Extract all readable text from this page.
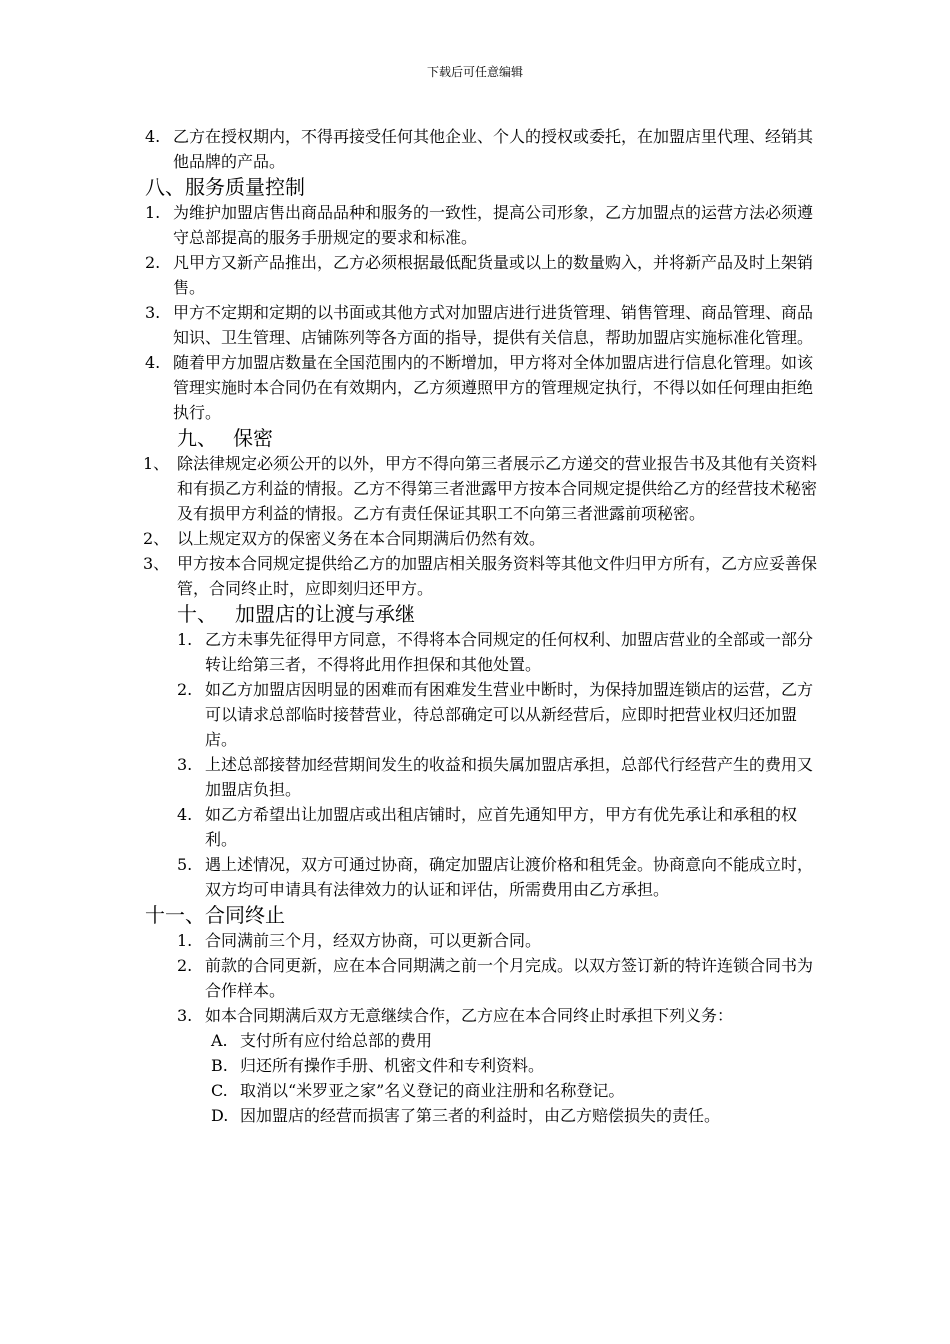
下载后可任意编辑
4. 乙方在授权期内，不得再接受任何其他企业、个人的授权或委托，在加盟店里代理、经销其他品牌的产品。
八、服务质量控制
1. 为维护加盟店售出商品品种和服务的一致性，提高公司形象，乙方加盟点的运营方法必须遵守总部提高的服务手册规定的要求和标准。
2. 凡甲方又新产品推出，乙方必须根据最低配货量或以上的数量购入，并将新产品及时上架销售。
3. 甲方不定期和定期的以书面或其他方式对加盟店进行进货管理、销售管理、商品管理、商品知识、卫生管理、店铺陈列等各方面的指导，提供有关信息，帮助加盟店实施标准化管理。
4. 随着甲方加盟店数量在全国范围内的不断增加，甲方将对全体加盟店进行信息化管理。如该管理实施时本合同仍在有效期内，乙方须遵照甲方的管理规定执行，不得以如任何理由拒绝执行。
九、 保密
1、 除法律规定必须公开的以外，甲方不得向第三者展示乙方递交的营业报告书及其他有关资料和有损乙方利益的情报。乙方不得第三者泄露甲方按本合同规定提供给乙方的经营技术秘密及有损甲方利益的情报。乙方有责任保证其职工不向第三者泄露前项秘密。
2、 以上规定双方的保密义务在本合同期满后仍然有效。
3、 甲方按本合同规定提供给乙方的加盟店相关服务资料等其他文件归甲方所有，乙方应妥善保管，合同终止时，应即刻归还甲方。
十、 加盟店的让渡与承继
1. 乙方未事先征得甲方同意，不得将本合同规定的任何权利、加盟店营业的全部或一部分转让给第三者，不得将此用作担保和其他处置。
2. 如乙方加盟店因明显的困难而有困难发生营业中断时，为保持加盟连锁店的运营，乙方可以请求总部临时接替营业，待总部确定可以从新经营后，应即时把营业权归还加盟店。
3. 上述总部接替加经营期间发生的收益和损失属加盟店承担，总部代行经营产生的费用又加盟店负担。
4. 如乙方希望出让加盟店或出租店铺时，应首先通知甲方，甲方有优先承让和承租的权利。
5. 遇上述情况，双方可通过协商，确定加盟店让渡价格和租凭金。协商意向不能成立时，双方均可申请具有法律效力的认证和评估，所需费用由乙方承担。
十一、合同终止
1. 合同满前三个月，经双方协商，可以更新合同。
2. 前款的合同更新，应在本合同期满之前一个月完成。以双方签订新的特许连锁合同书为合作样本。
3. 如本合同期满后双方无意继续合作，乙方应在本合同终止时承担下列义务：
A. 支付所有应付给总部的费用
B. 归还所有操作手册、机密文件和专利资料。
C. 取消以“米罗亚之家”名义登记的商业注册和名称登记。
D. 因加盟店的经营而损害了第三者的利益时，由乙方赔偿损失的责任。
